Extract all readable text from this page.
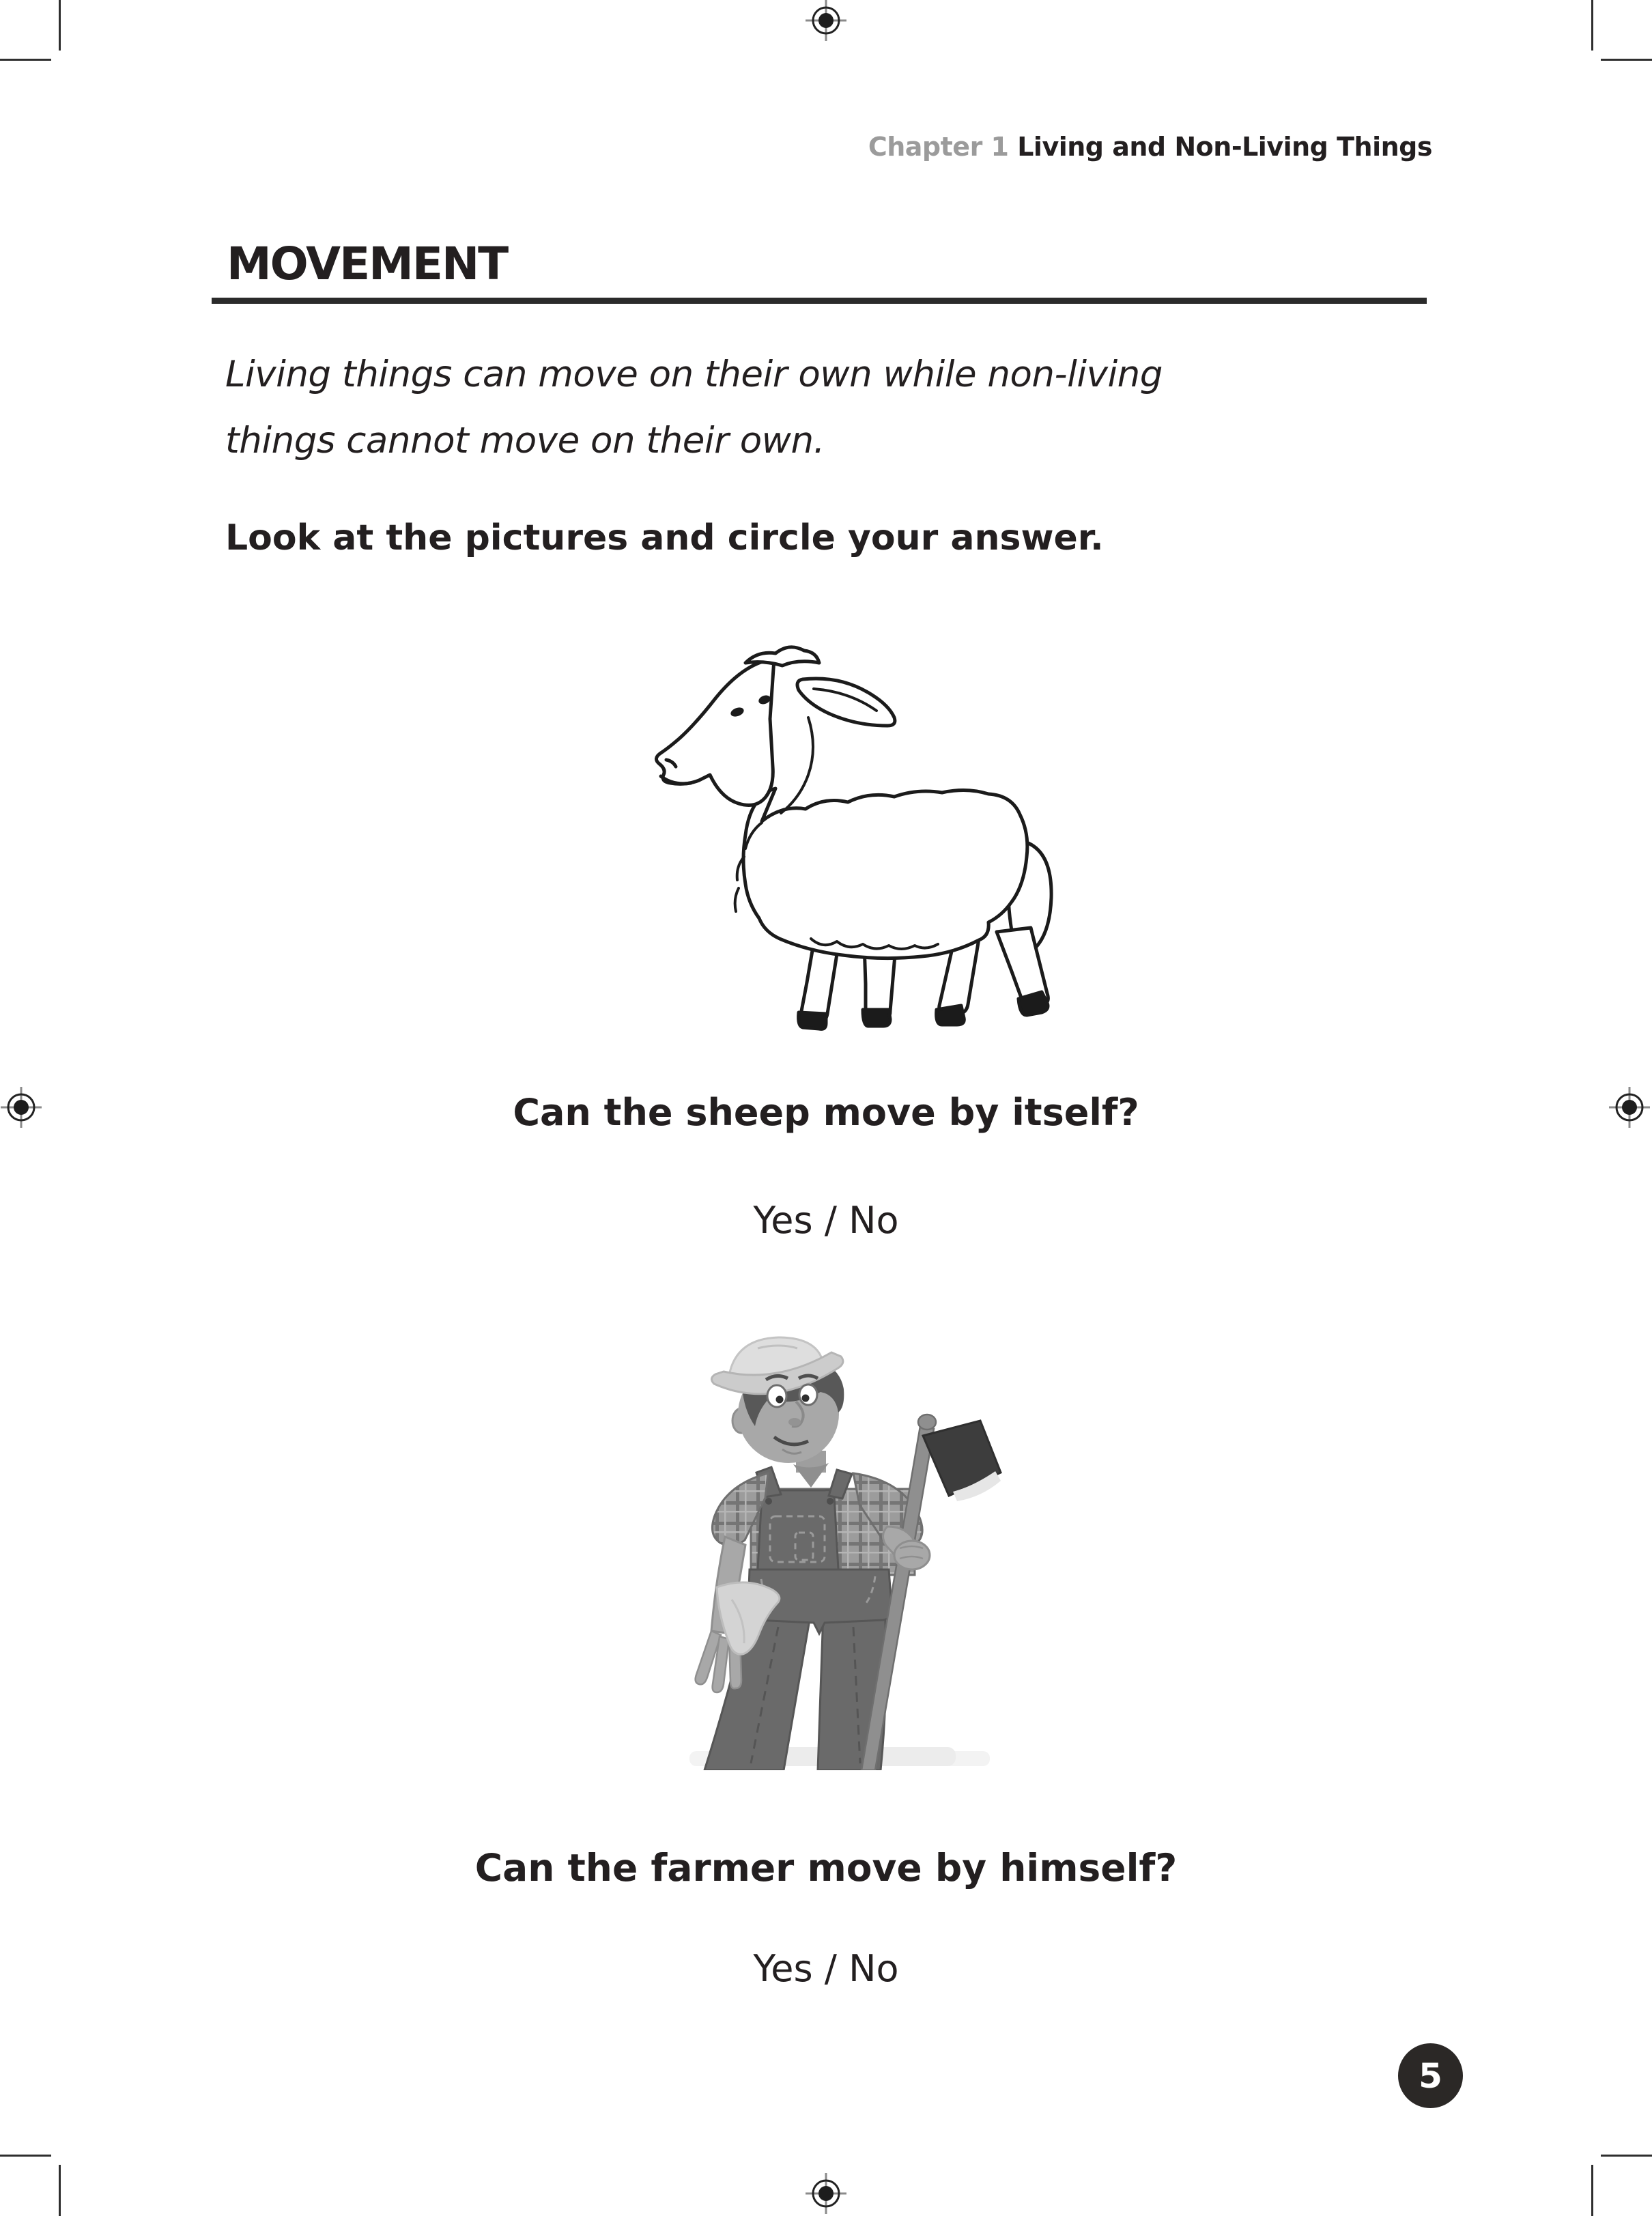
Chapter 1 Living and Non-Living Things
MOVEMENT
Living things can move on their own while non-living
things cannot move on their own.
Look at the pictures and circle your answer.
Can the sheep move by itself?
Yes / No
Can the farmer move by himself?
Yes / No
5
